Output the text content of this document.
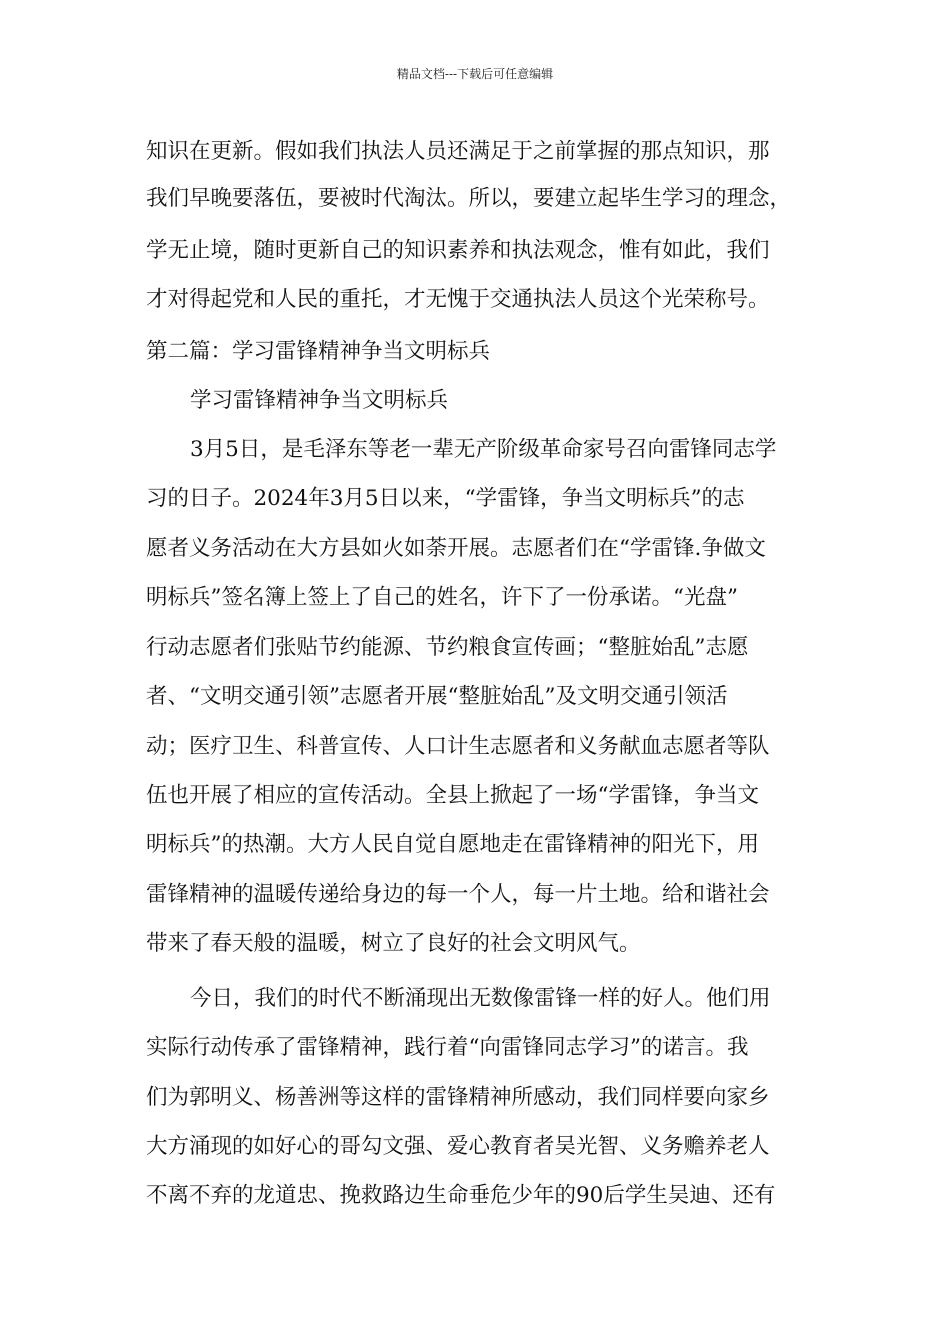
精品文档---下载后可任意编辑
知识在更新。假如我们执法人员还满足于之前掌握的那点知识，那
我们早晚要落伍，要被时代淘汰。所以，要建立起毕生学习的理念，
学无止境，随时更新自己的知识素养和执法观念，惟有如此，我们
才对得起党和人民的重托，才无愧于交通执法人员这个光荣称号。
第二篇：学习雷锋精神争当文明标兵
学习雷锋精神争当文明标兵
3月5日，是毛泽东等老一辈无产阶级革命家号召向雷锋同志学
习的日子。2024年3月5日以来，“学雷锋，争当文明标兵”的志
愿者义务活动在大方县如火如荼开展。志愿者们在“学雷锋.争做文
明标兵”签名簿上签上了自己的姓名，许下了一份承诺。“光盘”
行动志愿者们张贴节约能源、节约粮食宣传画；“整脏始乱”志愿
者、“文明交通引领”志愿者开展“整脏始乱”及文明交通引领活
动；医疗卫生、科普宣传、人口计生志愿者和义务献血志愿者等队
伍也开展了相应的宣传活动。全县上掀起了一场“学雷锋，争当文
明标兵”的热潮。大方人民自觉自愿地走在雷锋精神的阳光下，用
雷锋精神的温暖传递给身边的每一个人，每一片土地。给和谐社会
带来了春天般的温暖，树立了良好的社会文明风气。
今日，我们的时代不断涌现出无数像雷锋一样的好人。他们用
实际行动传承了雷锋精神，践行着“向雷锋同志学习”的诺言。我
们为郭明义、杨善洲等这样的雷锋精神所感动，我们同样要向家乡
大方涌现的如好心的哥勾文强、爱心教育者吴光智、义务赡养老人
不离不弃的龙道忠、挽救路边生命垂危少年的90后学生吴迪、还有
